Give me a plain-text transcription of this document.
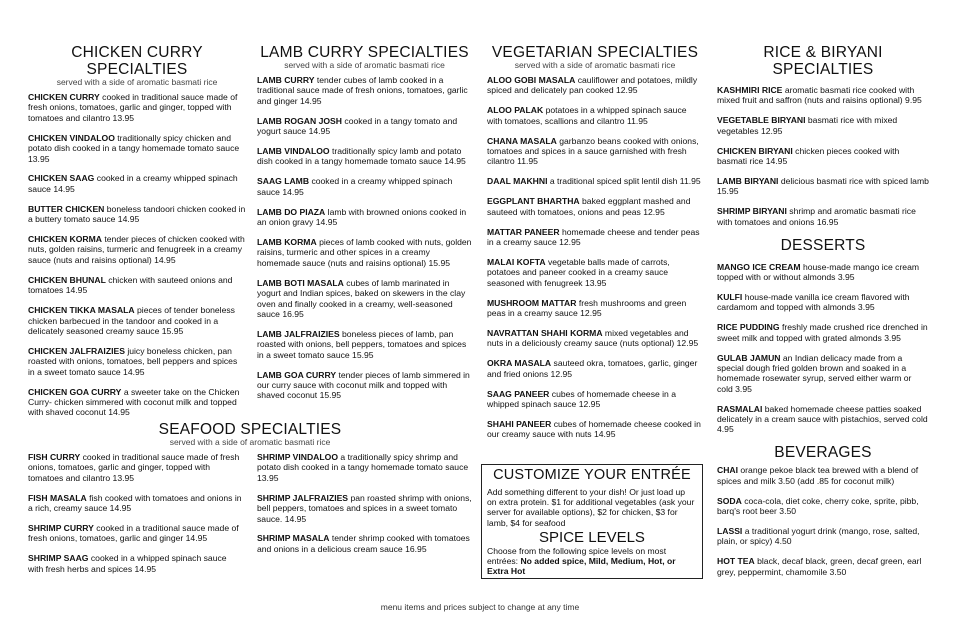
CHICKEN CURRY SPECIALTIES
served with a side of aromatic basmati rice
CHICKEN CURRY cooked in traditional sauce made of fresh onions, tomatoes, garlic and ginger, topped with tomatoes and cilantro 13.95
CHICKEN VINDALOO traditionally spicy chicken and potato dish cooked in a tangy homemade tomato sauce 13.95
CHICKEN SAAG cooked in a creamy whipped spinach sauce 14.95
BUTTER CHICKEN boneless tandoori chicken cooked in a buttery tomato sauce 14.95
CHICKEN KORMA tender pieces of chicken cooked with nuts, golden raisins, turmeric and fenugreek in a creamy sauce (nuts and raisins optional) 14.95
CHICKEN BHUNAL chicken with sauteed onions and tomatoes 14.95
CHICKEN TIKKA MASALA pieces of tender boneless chicken barbecued in the tandoor and cooked in a delicately seasoned creamy sauce 15.95
CHICKEN JALFRAIZIES juicy boneless chicken, pan roasted with onions, tomatoes, bell peppers and spices in a sweet tomato sauce 14.95
CHICKEN GOA CURRY a sweeter take on the Chicken Curry- chicken simmered with coconut milk and topped with shaved coconut 14.95
LAMB CURRY SPECIALTIES
served with a side of aromatic basmati rice
LAMB CURRY tender cubes of lamb cooked in a traditional sauce made of fresh onions, tomatoes, garlic and ginger 14.95
LAMB ROGAN JOSH cooked in a tangy tomato and yogurt sauce 14.95
LAMB VINDALOO traditionally spicy lamb and potato dish cooked in a tangy homemade tomato sauce 14.95
SAAG LAMB cooked in a creamy whipped spinach sauce 14.95
LAMB DO PIAZA lamb with browned onions cooked in an onion gravy 14.95
LAMB KORMA pieces of lamb cooked with nuts, golden raisins, turmeric and other spices in a creamy homemade sauce (nuts and raisins optional) 15.95
LAMB BOTI MASALA cubes of lamb marinated in yogurt and Indian spices, baked on skewers in the clay oven and finally cooked in a creamy, well-seasoned sauce 16.95
LAMB JALFRAIZIES boneless pieces of lamb, pan roasted with onions, bell peppers, tomatoes and spices in a sweet tomato sauce 15.95
LAMB GOA CURRY tender pieces of lamb simmered in our curry sauce with coconut milk and topped with shaved coconut 15.95
VEGETARIAN SPECIALTIES
served with a side of aromatic basmati rice
ALOO GOBI MASALA cauliflower and potatoes, mildly spiced and delicately pan cooked 12.95
ALOO PALAK potatoes in a whipped spinach sauce with tomatoes, scallions and cilantro 11.95
CHANA MASALA garbanzo beans cooked with onions, tomatoes and spices in a sauce garnished with fresh cilantro 11.95
DAAL MAKHNI a traditional spiced split lentil dish 11.95
EGGPLANT BHARTHA baked eggplant mashed and sauteed with tomatoes, onions and peas 12.95
MATTAR PANEER homemade cheese and tender peas in a creamy sauce 12.95
MALAI KOFTA vegetable balls made of carrots, potatoes and paneer cooked in a creamy sauce seasoned with fenugreek 13.95
MUSHROOM MATTAR fresh mushrooms and green peas in a creamy sauce 12.95
NAVRATTAN SHAHI KORMA mixed vegetables and nuts in a deliciously creamy sauce (nuts optional) 12.95
OKRA MASALA sauteed okra, tomatoes, garlic, ginger and fried onions 12.95
SAAG PANEER cubes of homemade cheese in a whipped spinach sauce 12.95
SHAHI PANEER cubes of homemade cheese cooked in our creamy sauce with nuts 14.95
RICE & BIRYANI SPECIALTIES
KASHMIRI RICE aromatic basmati rice cooked with mixed fruit and saffron (nuts and raisins optional) 9.95
VEGETABLE BIRYANI basmati rice with mixed vegetables 12.95
CHICKEN BIRYANI chicken pieces cooked with basmati rice 14.95
LAMB BIRYANI delicious basmati rice with spiced lamb 15.95
SHRIMP BIRYANI shrimp and aromatic basmati rice with tomatoes and onions 16.95
DESSERTS
MANGO ICE CREAM house-made mango ice cream topped with or without almonds 3.95
KULFI house-made vanilla ice cream flavored with cardamom and topped with almonds 3.95
RICE PUDDING freshly made crushed rice drenched in sweet milk and topped with grated almonds 3.95
GULAB JAMUN an Indian delicacy made from a special dough fried golden brown and soaked in a homemade rosewater syrup, served either warm or cold 3.95
RASMALAI baked homemade cheese patties soaked delicately in a cream sauce with pistachios, served cold 4.95
BEVERAGES
CHAI orange pekoe black tea brewed with a blend of spices and milk 3.50 (add .85 for coconut milk)
SODA coca-cola, diet coke, cherry coke, sprite, pibb, barq's root beer 3.50
LASSI a traditional yogurt drink (mango, rose, salted, plain, or spicy) 4.50
HOT TEA black, decaf black, green, decaf green, earl grey, peppermint, chamomile 3.50
SEAFOOD SPECIALTIES
served with a side of aromatic basmati rice
FISH CURRY cooked in traditional sauce made of fresh onions, tomatoes, garlic and ginger, topped with tomatoes and cilantro 13.95
FISH MASALA fish cooked with tomatoes and onions in a rich, creamy sauce 14.95
SHRIMP CURRY cooked in a traditional sauce made of fresh onions, tomatoes, garlic and ginger 14.95
SHRIMP SAAG cooked in a whipped spinach sauce with fresh herbs and spices 14.95
SHRIMP VINDALOO a traditionally spicy shrimp and potato dish cooked in a tangy homemade tomato sauce 13.95
SHRIMP JALFRAIZIES pan roasted shrimp with onions, bell peppers, tomatoes and spices in a sweet tomato sauce. 14.95
SHRIMP MASALA tender shrimp cooked with tomatoes and onions in a delicious cream sauce 16.95
CUSTOMIZE YOUR ENTRÉE
Add something different to your dish! Or just load up on extra protein. $1 for additional vegetables (ask your server for available options), $2 for chicken, $3 for lamb, $4 for seafood
SPICE LEVELS
Choose from the following spice levels on most entrées: No added spice, Mild, Medium, Hot, or Extra Hot
menu items and prices subject to change at any time
